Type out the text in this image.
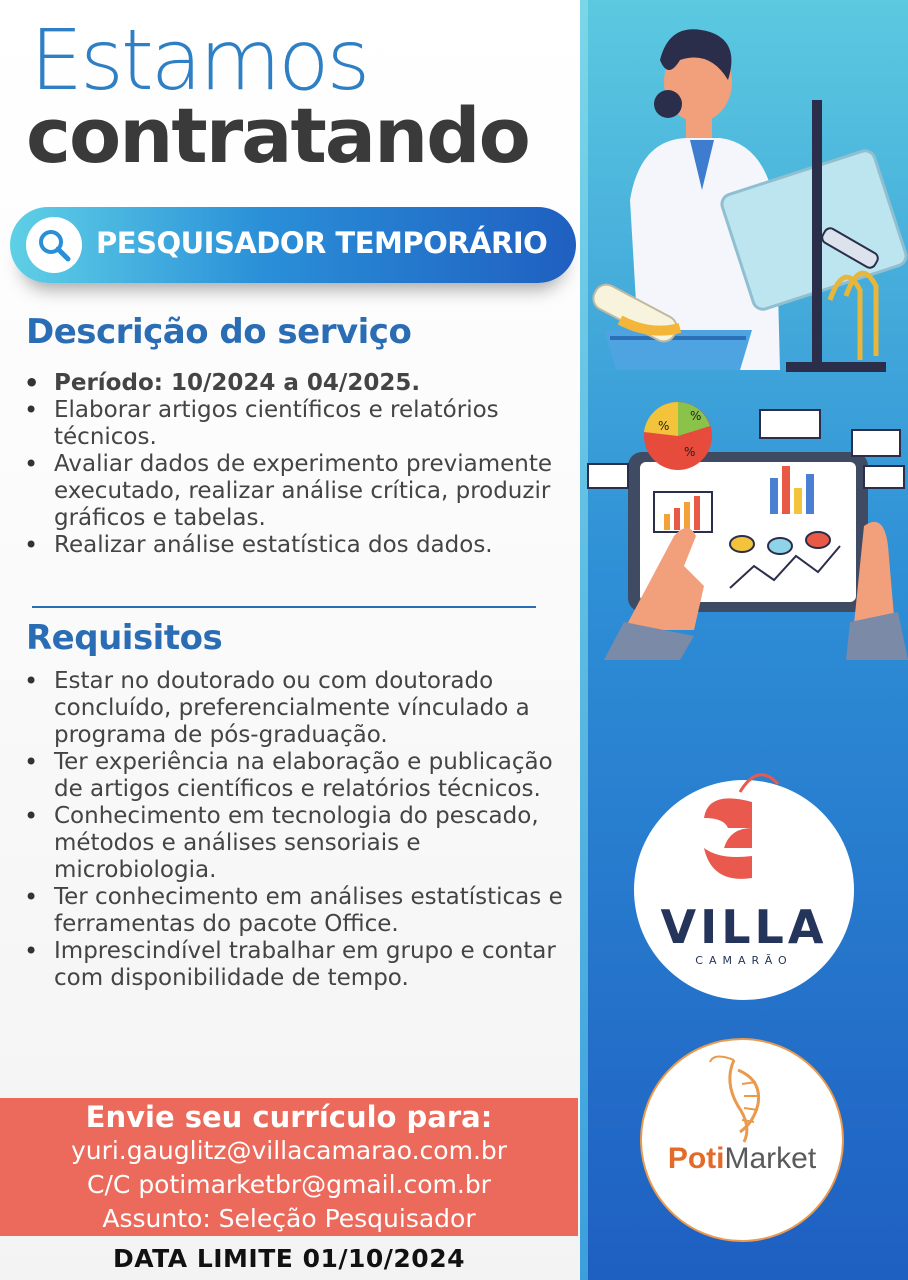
Estamos
contratando
PESQUISADOR TEMPORÁRIO
Descrição do serviço
• Período: 10/2024 a 04/2025.
• Elaborar artigos científicos e relatórios técnicos.
• Avaliar dados de experimento previamente executado, realizar análise crítica, produzir gráficos e tabelas.
• Realizar análise estatística dos dados.
Requisitos
• Estar no doutorado ou com doutorado concluído, preferencialmente vínculado a programa de pós-graduação.
• Ter experiência na elaboração e publicação de artigos científicos e relatórios técnicos.
• Conhecimento em tecnologia do pescado, métodos e análises sensoriais e microbiologia.
• Ter conhecimento em análises estatísticas e ferramentas do pacote Office.
• Imprescindível trabalhar em grupo e contar com disponibilidade de tempo.
Envie seu currículo para:
yuri.gauglitz@villacamarao.com.br
C/C potimarketbr@gmail.com.br
Assunto: Seleção Pesquisador
DATA LIMITE 01/10/2024
%
%
%
VILLA
CAMARÃO
PotiMarket
